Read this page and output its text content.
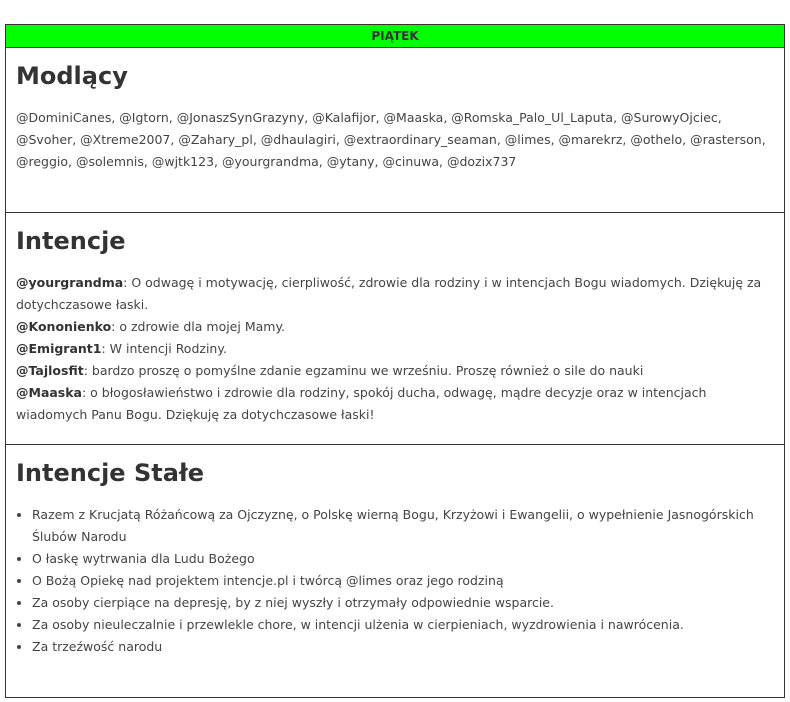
PIĄTEK
Modlący
@DominiCanes, @Igtorn, @JonaszSynGrazyny, @Kalafijor, @Maaska, @Romska_Palo_Ul_Laputa, @SurowyOjciec, @Svoher, @Xtreme2007, @Zahary_pl, @dhaulagiri, @extraordinary_seaman, @limes, @marekrz, @othelo, @rasterson, @reggio, @solemnis, @wjtk123, @yourgrandma, @ytany, @cinuwa, @dozix737
Intencje
@yourgrandma: O odwagę i motywację, cierpliwość, zdrowie dla rodziny i w intencjach Bogu wiadomych. Dziękuję za dotychczasowe łaski.
@Kononienko: o zdrowie dla mojej Mamy.
@Emigrant1: W intencji Rodziny.
@Tajlosfit: bardzo proszę o pomyślne zdanie egzaminu we wrześniu. Proszę również o sile do nauki
@Maaska: o błogosławieństwo i zdrowie dla rodziny, spokój ducha, odwagę, mądre decyzje oraz w intencjach wiadomych Panu Bogu. Dziękuję za dotychczasowe łaski!
Intencje Stałe
• Razem z Krucjatą Różańcową za Ojczyznę, o Polskę wierną Bogu, Krzyżowi i Ewangelii, o wypełnienie Jasnogórskich Ślubów Narodu
• O łaskę wytrwania dla Ludu Bożego
• O Bożą Opiekę nad projektem intencje.pl i twórcą @limes oraz jego rodziną
• Za osoby cierpiące na depresję, by z niej wyszły i otrzymały odpowiednie wsparcie.
• Za osoby nieuleczalnie i przewlekle chore, w intencji ulżenia w cierpieniach, wyzdrowienia i nawrócenia.
• Za trzeźwość narodu
